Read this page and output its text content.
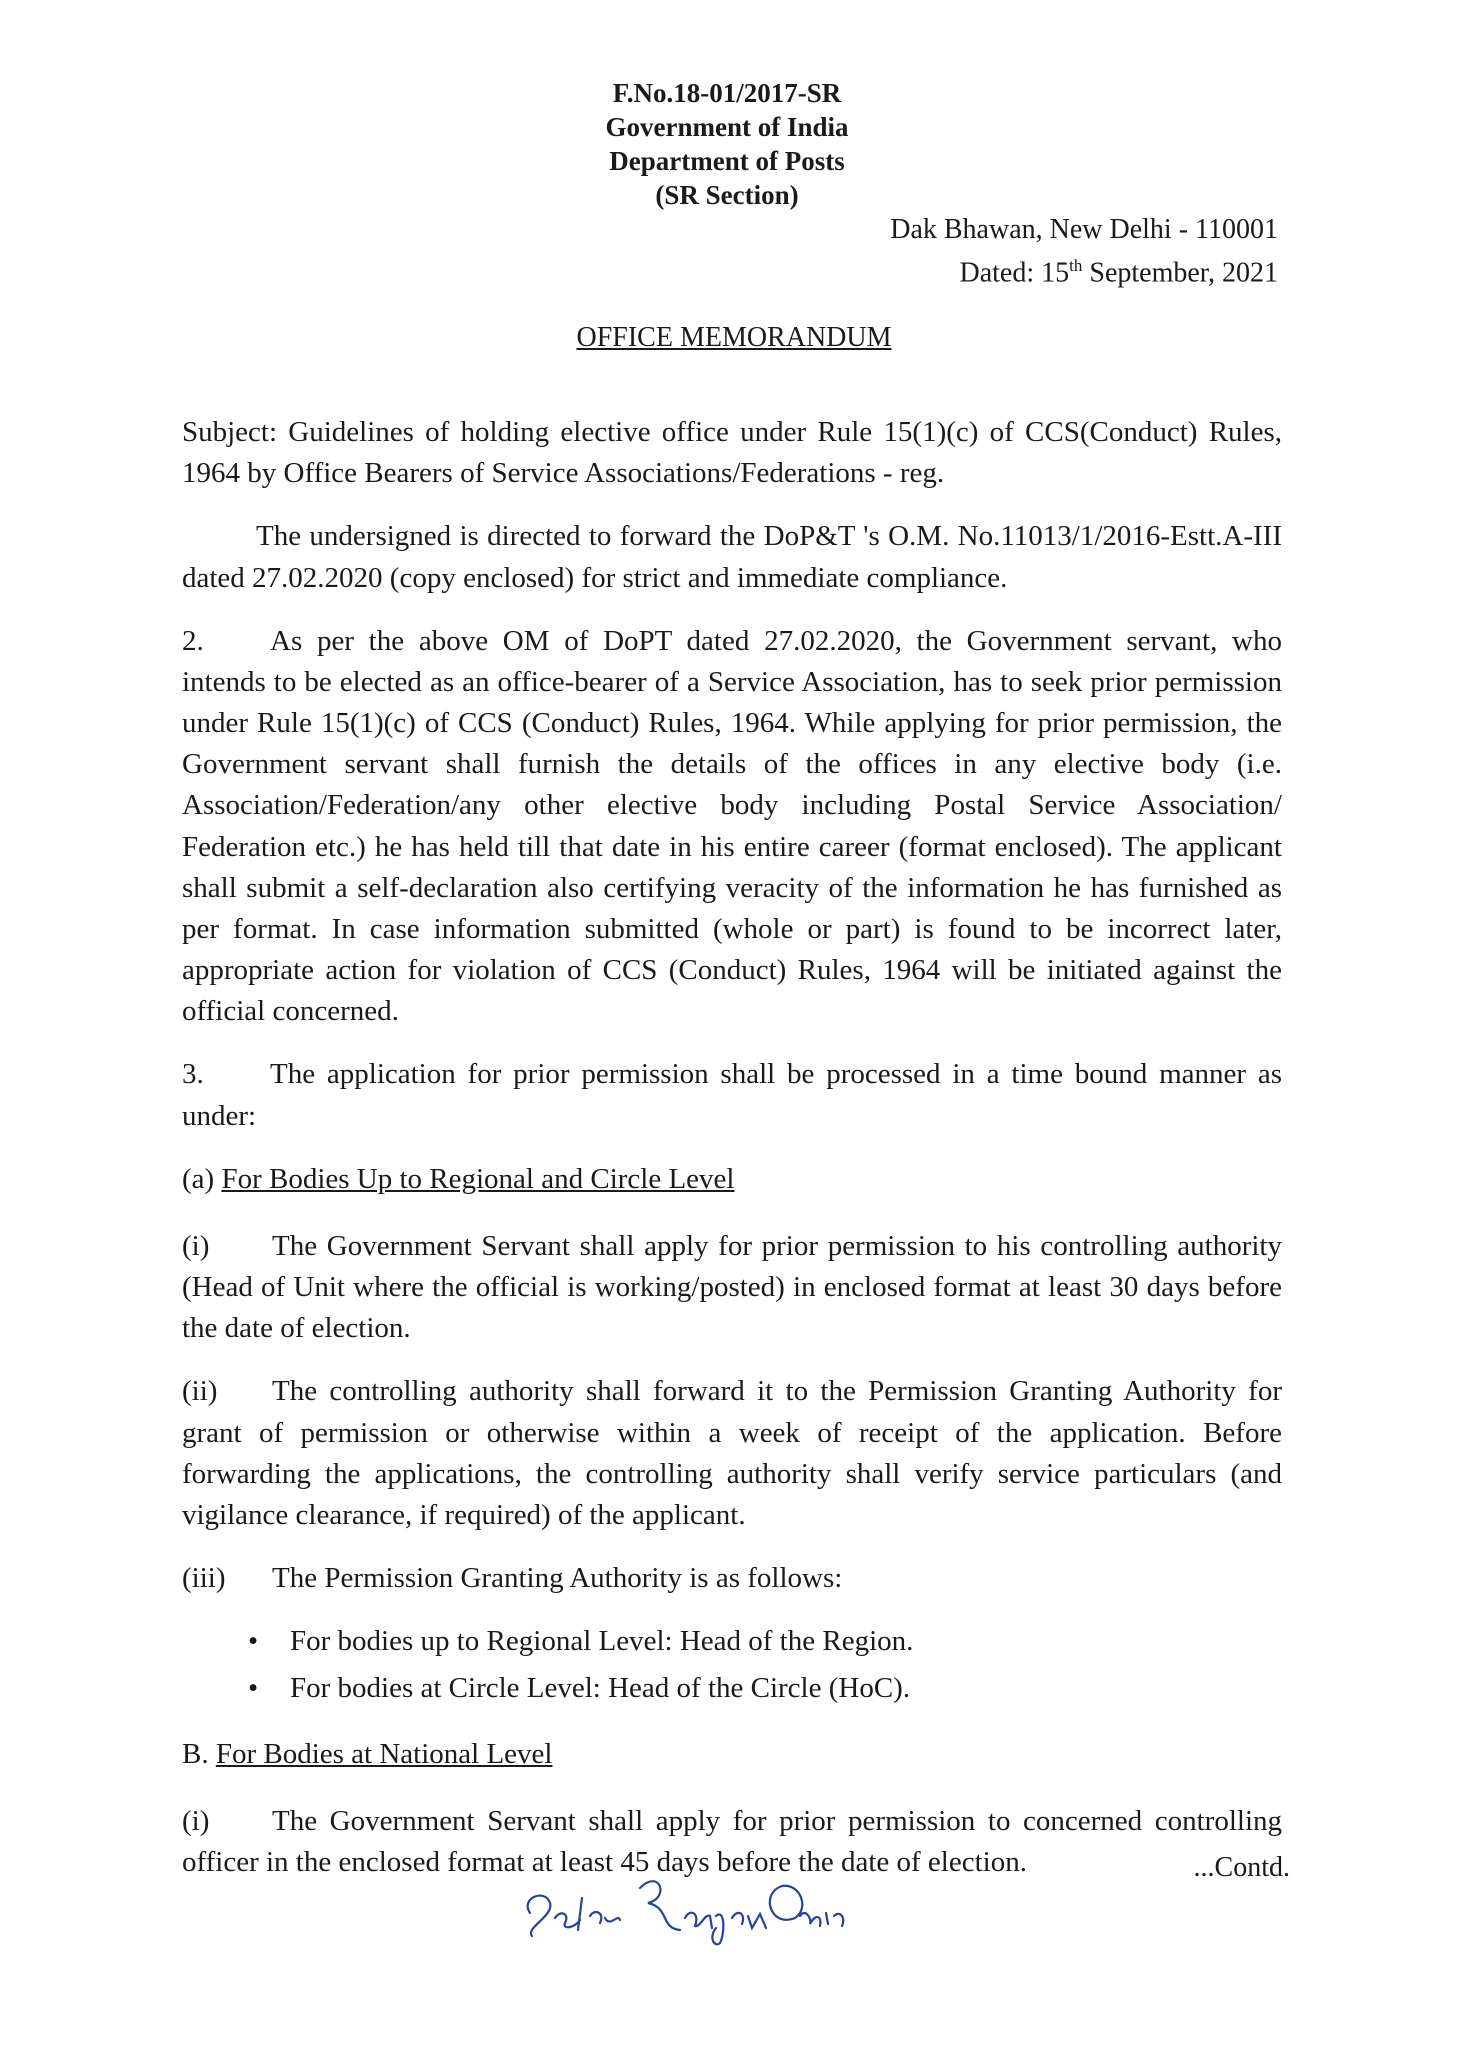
F.No.18-01/2017-SR
Government of India
Department of Posts
(SR Section)
Dak Bhawan, New Delhi - 110001
Dated: 15th September, 2021
OFFICE MEMORANDUM

Subject: Guidelines of holding elective office under Rule 15(1)(c) of CCS(Conduct) Rules, 1964 by Office Bearers of Service Associations/Federations - reg.

The undersigned is directed to forward the DoP&T 's O.M. No.11013/1/2016-Estt.A-III dated 27.02.2020 (copy enclosed) for strict and immediate compliance.

2. As per the above OM of DoPT dated 27.02.2020, the Government servant, who intends to be elected as an office-bearer of a Service Association, has to seek prior permission under Rule 15(1)(c) of CCS (Conduct) Rules, 1964. While applying for prior permission, the Government servant shall furnish the details of the offices in any elective body (i.e. Association/Federation/any other elective body including Postal Service Association/ Federation etc.) he has held till that date in his entire career (format enclosed). The applicant shall submit a self-declaration also certifying veracity of the information he has furnished as per format. In case information submitted (whole or part) is found to be incorrect later, appropriate action for violation of CCS (Conduct) Rules, 1964 will be initiated against the official concerned.

3. The application for prior permission shall be processed in a time bound manner as under:

(a) For Bodies Up to Regional and Circle Level

(i) The Government Servant shall apply for prior permission to his controlling authority (Head of Unit where the official is working/posted) in enclosed format at least 30 days before the date of election.

(ii) The controlling authority shall forward it to the Permission Granting Authority for grant of permission or otherwise within a week of receipt of the application. Before forwarding the applications, the controlling authority shall verify service particulars (and vigilance clearance, if required) of the applicant.

(iii) The Permission Granting Authority is as follows:

• For bodies up to Regional Level: Head of the Region.
• For bodies at Circle Level: Head of the Circle (HoC).

B. For Bodies at National Level

(i) The Government Servant shall apply for prior permission to concerned controlling officer in the enclosed format at least 45 days before the date of election.	...Contd.
